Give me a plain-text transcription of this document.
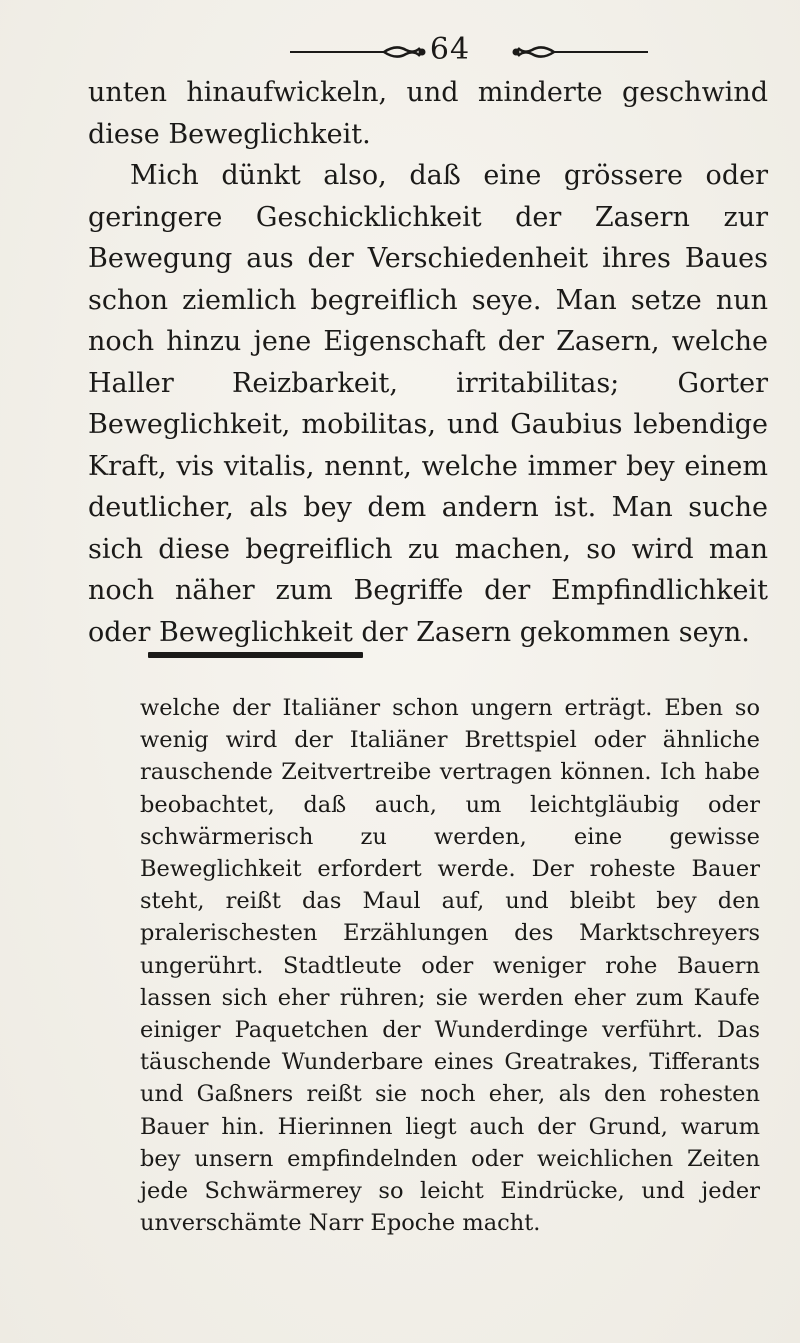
64

unten hinaufwickeln, und minderte geschwind diese Beweglichkeit.

Mich dünkt also, daß eine grössere oder geringere Geschicklichkeit der Zasern zur Bewegung aus der Verschiedenheit ihres Baues schon ziemlich begreiflich seye. Man setze nun noch hinzu jene Eigenschaft der Zasern, welche Haller Reizbarkeit, irritabilitas; Gorter Beweglichkeit, mobilitas, und Gaubius lebendige Kraft, vis vitalis, nennt, welche immer bey einem deutlicher, als bey dem andern ist. Man suche sich diese begreiflich zu machen, so wird man noch näher zum Begriffe der Empfindlichkeit oder Beweglichkeit der Zasern gekommen seyn.

welche der Italiäner schon ungern erträgt. Eben so wenig wird der Italiäner Brettspiel oder ähnliche rauschende Zeitvertreibe vertragen können. Ich habe beobachtet, daß auch, um leichtgläubig oder schwärmerisch zu werden, eine gewisse Beweglichkeit erfordert werde. Der roheste Bauer steht, reißt das Maul auf, und bleibt bey den pralerischesten Erzählungen des Marktschreyers ungerührt. Stadtleute oder weniger rohe Bauern lassen sich eher rühren; sie werden eher zum Kaufe einiger Paquetchen der Wunderdinge verführt. Das täuschende Wunderbare eines Greatrakes, Tifferants und Gaßners reißt sie noch eher, als den rohesten Bauer hin. Hierinnen liegt auch der Grund, warum bey unsern empfindelnden oder weichlichen Zeiten jede Schwärmerey so leicht Eindrücke, und jeder unverschämte Narr Epoche macht.
